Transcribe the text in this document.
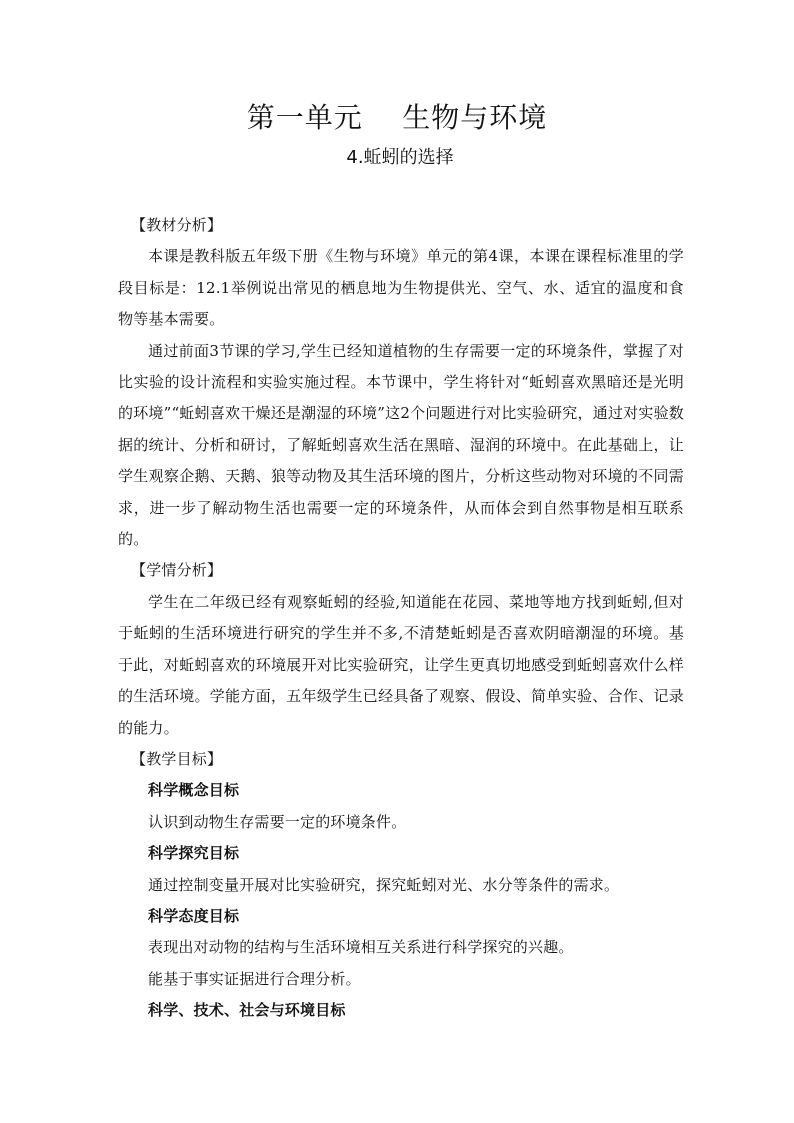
第一单元    生物与环境
4.蚯蚓的选择

【教材分析】

本课是教科版五年级下册《生物与环境》单元的第4课，本课在课程标准里的学段目标是：12.1举例说出常见的栖息地为生物提供光、空气、水、适宜的温度和食物等基本需要。

通过前面3节课的学习,学生已经知道植物的生存需要一定的环境条件，掌握了对比实验的设计流程和实验实施过程。本节课中，学生将针对“蚯蚓喜欢黑暗还是光明的环境”“蚯蚓喜欢干燥还是潮湿的环境”这2个问题进行对比实验研究，通过对实验数据的统计、分析和研讨，了解蚯蚓喜欢生活在黑暗、湿润的环境中。在此基础上，让学生观察企鹅、天鹅、狼等动物及其生活环境的图片，分析这些动物对环境的不同需求，进一步了解动物生活也需要一定的环境条件，从而体会到自然事物是相互联系的。

【学情分析】

学生在二年级已经有观察蚯蚓的经验,知道能在花园、菜地等地方找到蚯蚓,但对于蚯蚓的生活环境进行研究的学生并不多,不清楚蚯蚓是否喜欢阴暗潮湿的环境。基于此，对蚯蚓喜欢的环境展开对比实验研究，让学生更真切地感受到蚯蚓喜欢什么样的生活环境。学能方面，五年级学生已经具备了观察、假设、简单实验、合作、记录的能力。

【教学目标】

科学概念目标

认识到动物生存需要一定的环境条件。

科学探究目标

通过控制变量开展对比实验研究，探究蚯蚓对光、水分等条件的需求。

科学态度目标

表现出对动物的结构与生活环境相互关系进行科学探究的兴趣。

能基于事实证据进行合理分析。

科学、技术、社会与环境目标
